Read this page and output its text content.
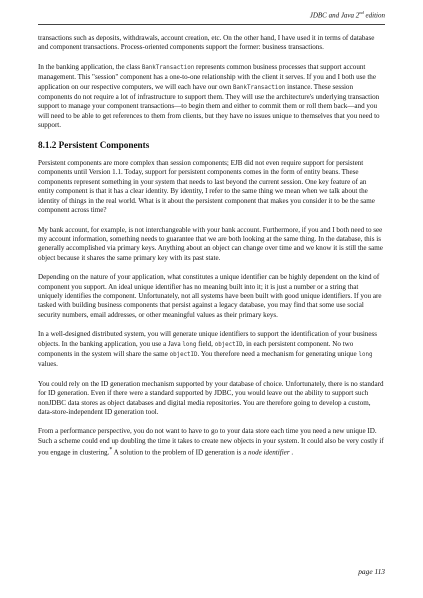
JDBC and Java 2nd edition

transactions such as deposits, withdrawals, account creation, etc. On the other hand, I have used it in terms of database and component transactions. Process-oriented components support the former: business transactions.

In the banking application, the class BankTransaction represents common business processes that support account management. This "session" component has a one-to-one relationship with the client it serves. If you and I both use the application on our respective computers, we will each have our own BankTransaction instance. These session components do not require a lot of infrastructure to support them. They will use the architecture's underlying transaction support to manage your component transactions—to begin them and either to commit them or roll them back—and you will need to be able to get references to them from clients, but they have no issues unique to themselves that you need to support.

8.1.2 Persistent Components

Persistent components are more complex than session components; EJB did not even require support for persistent components until Version 1.1. Today, support for persistent components comes in the form of entity beans. These components represent something in your system that needs to last beyond the current session. One key feature of an entity component is that it has a clear identity. By identity, I refer to the same thing we mean when we talk about the identity of things in the real world. What is it about the persistent component that makes you consider it to be the same component across time?

My bank account, for example, is not interchangeable with your bank account. Furthermore, if you and I both need to see my account information, something needs to guarantee that we are both looking at the same thing. In the database, this is generally accomplished via primary keys. Anything about an object can change over time and we know it is still the same object because it shares the same primary key with its past state.

Depending on the nature of your application, what constitutes a unique identifier can be highly dependent on the kind of component you support. An ideal unique identifier has no meaning built into it; it is just a number or a string that uniquely identifies the component. Unfortunately, not all systems have been built with good unique identifiers. If you are tasked with building business components that persist against a legacy database, you may find that some use social security numbers, email addresses, or other meaningful values as their primary keys.

In a well-designed distributed system, you will generate unique identifiers to support the identification of your business objects. In the banking application, you use a Java long field, objectID, in each persistent component. No two components in the system will share the same objectID. You therefore need a mechanism for generating unique long values.

You could rely on the ID generation mechanism supported by your database of choice. Unfortunately, there is no standard for ID generation. Even if there were a standard supported by JDBC, you would leave out the ability to support such nonJDBC data stores as object databases and digital media repositories. You are therefore going to develop a custom, data-store-independent ID generation tool.

From a performance perspective, you do not want to have to go to your data store each time you need a new unique ID. Such a scheme could end up doubling the time it takes to create new objects in your system. It could also be very costly if you engage in clustering.* A solution to the problem of ID generation is a node identifier .

page 113
